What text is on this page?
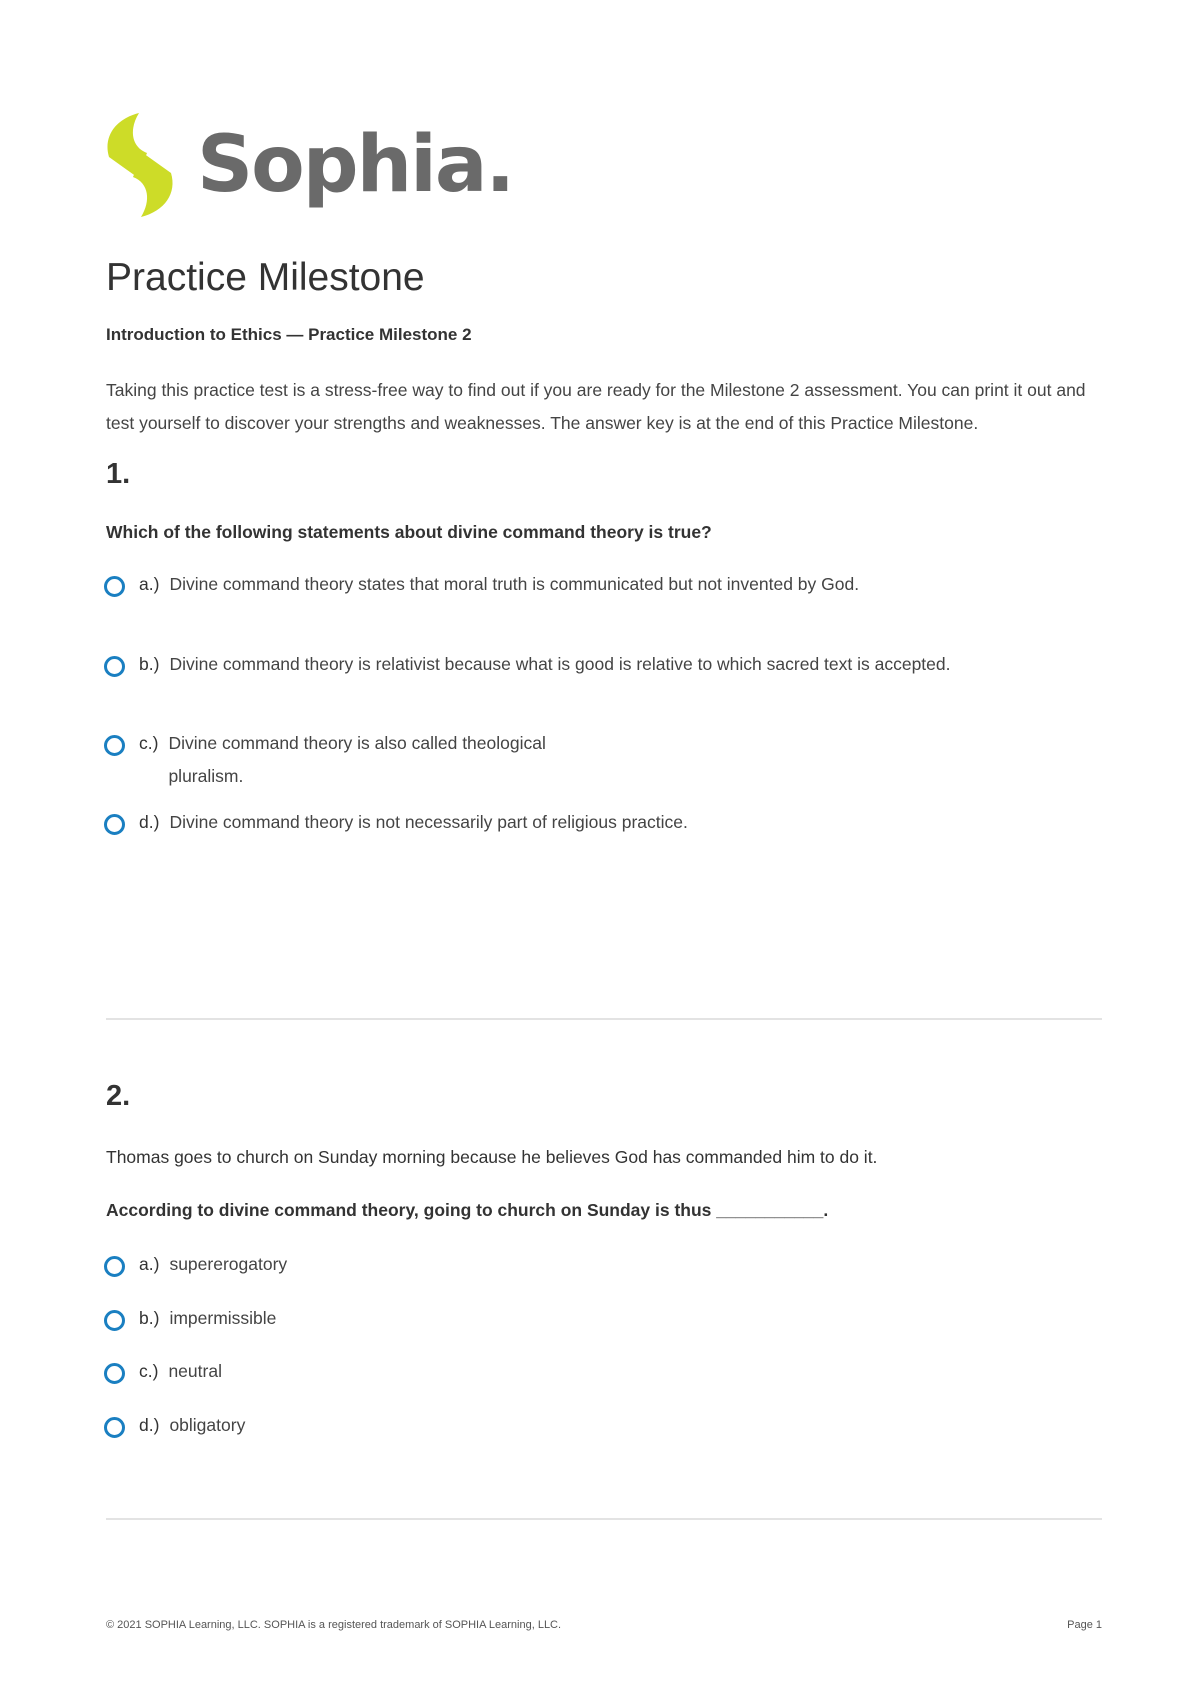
Sophia.
Practice Milestone

Introduction to Ethics — Practice Milestone 2

Taking this practice test is a stress-free way to find out if you are ready for the Milestone 2 assessment. You can print it out and test yourself to discover your strengths and weaknesses. The answer key is at the end of this Practice Milestone.

1.

Which of the following statements about divine command theory is true?

a.) Divine command theory states that moral truth is communicated but not invented by God.
b.) Divine command theory is relativist because what is good is relative to which sacred text is accepted.
c.) Divine command theory is also called theological pluralism.
d.) Divine command theory is not necessarily part of religious practice.
2.

Thomas goes to church on Sunday morning because he believes God has commanded him to do it.

According to divine command theory, going to church on Sunday is thus ___________.

a.) supererogatory
b.) impermissible
c.) neutral
d.) obligatory
© 2021 SOPHIA Learning, LLC. SOPHIA is a registered trademark of SOPHIA Learning, LLC.	Page 1
